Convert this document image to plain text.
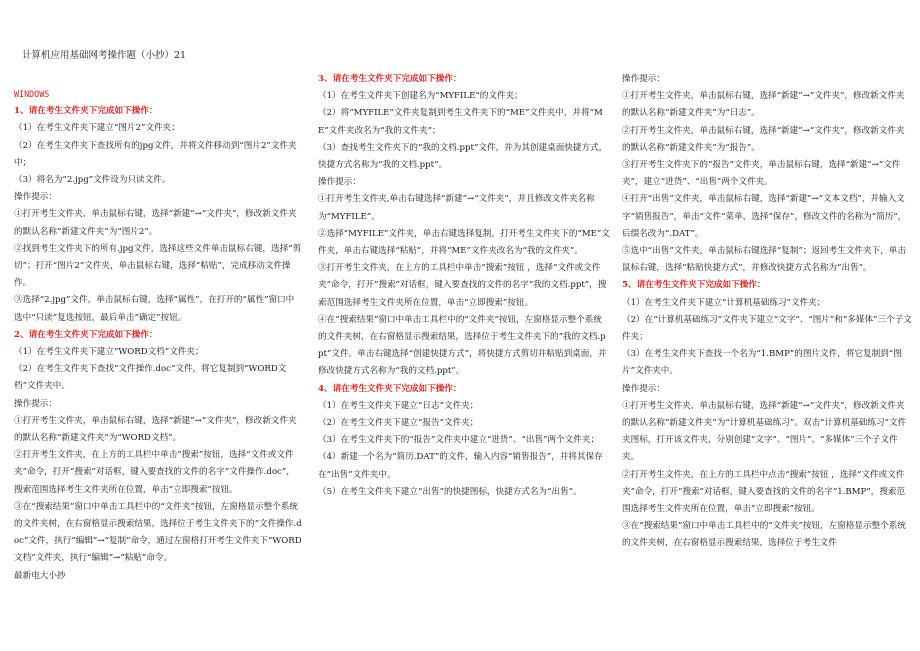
计算机应用基础网考操作题（小抄）21

WINDOWS

1、请在考生文件夹下完成如下操作：

（1）在考生文件夹下建立“图片2”文件夹；

（2）在考生文件夹下查找所有的jpg文件，并将文件移动到“图片2”文件夹中；

（3）将名为“2.jpg”文件设为只读文件。

操作提示：

①打开考生文件夹，单击鼠标右键，选择“新建”→“文件夹”，修改新文件夹的默认名称“新建文件夹”为“图片2”。

②找到考生文件夹下的所有.jpg文件，选择这些文件单击鼠标右键，选择“剪切”；打开“图片2”文件夹，单击鼠标右键，选择“粘贴”，完成移动文件操作。

③选择“2.jpg”文件，单击鼠标右键，选择“属性”，在打开的“属性”窗口中选中“只读”复选按钮，最后单击“确定”按钮。

2、请在考生文件夹下完成如下操作：

（1）在考生文件夹下建立“WORD文档”文件夹；

（2）在考生文件夹下查找“文件操作.doc”文件，将它复制到“WORD文档”文件夹中。

操作提示：

①打开考生文件夹，单击鼠标右键，选择“新建”→“文件夹”，修改新文件夹的默认名称“新建文件夹”为“WORD文档”。

②打开考生文件夹，在上方的工具栏中单击“搜索”按钮，选择“文件或文件夹”命令，打开“搜索”对话框，键入要查找的文件的名字“文件操作.doc”，搜索范围选择考生文件夹所在位置，单击“立即搜索”按钮。

③在“搜索结果”窗口中单击工具栏中的“文件夹”按钮，左窗格显示整个系统的文件夹树，在右窗格显示搜索结果，选择位于考生文件夹下的“文件操作.doc”文件，执行“编辑”→“复制”命令，通过左窗格打开考生文件夹下“WORD文档”文件夹，执行“编辑”→“粘贴”命令。

最新电大小抄

3、请在考生文件夹下完成如下操作：

（1）在考生文件夹下创建名为“MYFILE”的文件夹；

（2）将“MYFILE”文件夹复制到考生文件夹下的“ME”文件夹中，并将“ME”文件夹改名为“我的文件夹”；

（3）查找考生文件夹下的“我的文档.ppt”文件，并为其创建桌面快捷方式，快捷方式名称为“我的文档.ppt”。

操作提示：

①打开考生文件夹,单击右键选择“新建”→“文件夹”，并且修改文件夹名称为“MYFILE”。

②选择“MYFILE”文件夹，单击右键选择复制，打开考生文件夹下的“ME”文件夹，单击右键选择“粘贴”，并将“ME”文件夹改名为“我的文件夹”。

③打开考生文件夹，在上方的工具栏中单击“搜索”按钮 ，选择“文件或文件夹”命令，打开“搜索”对话框，键入要查找的文件的名字“我的文档.ppt”，搜索范围选择考生文件夹所在位置，单击“立即搜索”按钮。

④在“搜索结果”窗口中单击工具栏中的“文件夹”按钮，左窗格显示整个系统的文件夹树，在右窗格显示搜索结果，选择位于考生文件夹下的“我的文档.ppt”文件。单击右键选择“创建快捷方式”，将快捷方式剪切并粘贴到桌面，并修改快捷方式名称为“我的文档.ppt”。

4、请在考生文件夹下完成如下操作：

（1）在考生文件夹下建立“日志”文件夹；

（2）在考生文件夹下建立“报告”文件夹；

（3）在考生文件夹下的“报告”文件夹中建立“进货”、“出售”两个文件夹；

（4）新建一个名为“简历.DAT”的文件，输入内容“销售报告”，并将其保存在“出售”文件夹中。

（5）在考生文件夹下建立“出售”的快捷图标，快捷方式名为“出售”。

操作提示：

①打开考生文件夹，单击鼠标右键，选择“新建”→“文件夹”，修改新文件夹的默认名称“新建文件夹”为“日志”。

②打开考生文件夹，单击鼠标右键，选择“新建”→“文件夹”，修改新文件夹的默认名称“新建文件夹”为“报告”。

③打开考生文件夹下的“报告”文件夹，单击鼠标右键，选择“新建”→“文件夹”，建立“进货”、“出售”两个文件夹。

④打开“出售”文件夹，单击鼠标右键，选择“新建”→“文本文档”，并输入文字“销售报告”，单击“文件”菜单，选择“保存”，修改文件的名称为“简历”，后缀名改为“.DAT”。

⑤选中“出售”文件夹，单击鼠标右键选择“复制”；返回考生文件夹下，单击鼠标右键，选择“粘贴快捷方式”，并修改快捷方式名称为“出售”。

5、请在考生文件夹下完成如下操作：

（1）在考生文件夹下建立“计算机基础练习”文件夹；

（2）在“计算机基础练习”文件夹下建立“文字”、“图片”和“多媒体”三个子文件夹；

（3）在考生文件夹下查找一个名为“1.BMP”的图片文件，将它复制到“图片”文件夹中。

操作提示：

①打开考生文件夹，单击鼠标右键，选择“新建”→“文件夹”，修改新文件夹的默认名称“新建文件夹”为“计算机基础练习”。双击“计算机基础练习”文件夹图标，打开该文件夹，分别创建“文字”、“图片”、“多媒体”三个子文件夹。

②打开考生文件夹，在上方的工具栏中点击“搜索”按钮 ，选择“文件或文件夹”命令，打开“搜索”对话框，键入要查找的文件的名字“1.BMP”，搜索范围选择考生文件夹所在位置，单击“立即搜索”按钮。

③在“搜索结果”窗口中单击工具栏中的“文件夹”按钮，左窗格显示整个系统的文件夹树，在右窗格显示搜索结果，选择位于考生文件
